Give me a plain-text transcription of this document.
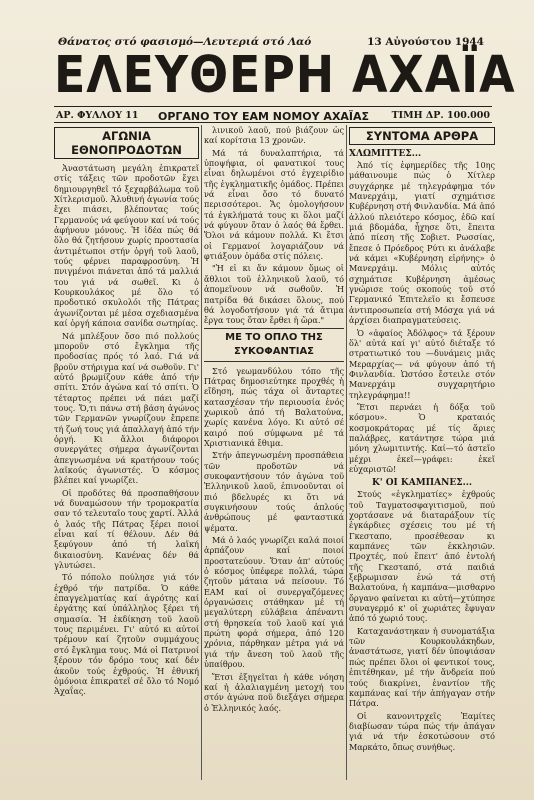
Θάνατος στό φασισμό—Λευτεριά στό Λαό	13 Αὐγούστου 1944
ΕΛΕΥΘΕΡΗ ΑΧΑΪΑ
ΑΡ. ΦΥΛΛΟΥ 11 ΟΡΓΑΝΟ ΤΟΥ ΕΑΜ ΝΟΜΟΥ ΑΧΑΪΑΣ ΤΙΜΗ ΔΡ. 100.000
ΑΓΩΝΙΑ ΕΘΝΟΠΡΟΔΟΤΩΝ

Ἀναστάτωση μεγάλη ἐπικρατεῖ στίς τάξεις τῶν προδοτῶν ἔχει δημιουργηθεῖ τό ξεχαρβάλωμα τοῦ Χίτλερισμοῦ. Ἀλυθινή ἀγωνία τούς ἔχει πιάσει, βλέποντας τούς Γερμανούς νά φεύγουν καί νά τούς ἀφήνουν μόνους. Ἡ ἰδέα πώς θά ὅλο θά ζητήσουν χωρίς προστασία ἀντιμέτωποι στήν ὀργή τοῦ λαοῦ, τούς φέρνει παραφροσύνη. Ἡ πνιγμένοι πιάνεται ἀπό τά μαλλιά του γιά νά σωθεῖ. Κι ὁ Κουρκουλάκος μέ ὅλο τό προδοτικό σκυλολόι τῆς Πάτρας ἀγωνίζονται μέ μέσα σχεδιασμένα καί ὁργή κάποια σανίδα σωτηρίας.

Νά μπλέξουν ὅσο πιό πολλούς μποροῦν στό ἔγκλημα τῆς προδοσίας πρός τό λαό. Γιά νά βροῦν στήριγμα καί νά σωθοῦν. Γι' αὐτό βρωμίζουν κάθε ἀπό τήν σπίτι. Στόν ἀγώνα καί τό σπίτι. Ὁ τέταρτος πρέπει νά πάει μαζί τους. Ὅ,τι πάνω στή βάση ἀγώνος τῶν Γερμανῶν γνωρίζουν ἔπρεπε τή ζωή τους γιά ἀπαλλαγή ἀπό τήν ὀργή. Κι ἄλλοι διάφοροι συνεργάτες σήμερα ἀγωνίζονται ἀπεγνωσμένα νά κρατήσουν τούς λαϊκούς ἀγωνιστές. Ὁ κόσμος βλέπει καί γνωρίζει.

Οἱ προδότες θά προσπαθήσουν νά δυναμώσουν τήν τρομοκρατία σαν τό τελευταῖο τους χαρτί. Ἀλλά ὁ λαός τῆς Πάτρας ξέρει ποιοί εἶναι καί τί θέλουν. Δέν θά ξεφύγουν ἀπό τή λαϊκή δικαιοσύνη. Κανένας δέν θά γλυτώσει.

Τό πόπολο πούλησε γιά τόν ἐχθρό τήν πατρίδα. Ὁ κάθε ἐπαγγελματίας καί ἀγρότης καί ἐργάτης καί ὑπάλληλος ξέρει τή σημασία. Ἡ ἐκδίκηση τοῦ λαοῦ τους περιμένει. Γι' αὐτό κι αὐτοί τρέμουν καί ζητοῦν συμμάχους στό ἔγκλημα τους. Μά οἱ Πατρινοί ξέρουν τόν δρόμο τους καί δέν ἀκοῦν τούς ἐχθρούς. Ἡ ἐθνική ὁμόνοια ἐπικρατεῖ σέ ὅλο τό Νομό Ἀχαΐας.

λινικοῦ λαοῦ, πού βιάζουν ὡς καί κορίτσια 13 χρονῶν.

Μά τά δυναλαπτήρια, τά ὑποψήφια, οἱ φανατικοί τους εἶναι δηλωμένοι στό ἐγχειρίδιο τῆς ἐγκληματικῆς ὁμάδος. Πρέπει νά εἶναι ὅσο τό δυνατό περισσότεροι. Ἄς ὁμολογήσουν τά ἐγκλήματά τους κι ὅλοι μαζί νά φύγουν ὅταν ὁ λαός θά ἔρθει. Ὅλοι νά κάμουν πολλά. Κι ἔτσι οἱ Γερμανοί λογαριάζουν νά φτιάξουν ὁμάδα στίς πόλεις.

"Ἡ εἰ κι ἄν κάμουν ὅμως οἱ ἄθλιοι τοῦ ἑλληνικοῦ λαοῦ, τό ἀπομεῖνουν νά σωθοῦν. Ἡ πατρίδα θά δικάσει ὅλους, πού θά λογοδοτήσουν γιά τά ἄτιμα ἔργα τους ὅταν ἔρθει ἡ ὥρα."

ΜΕ ΤΟ ΟΠΛΟ ΤΗΣ ΣΥΚΟΦΑΝΤΙΑΣ

Στό γεωμανδύλου τόπο τῆς Πάτρας δημοσιεύτηκε προχθές ἡ εἴδηση, πώς τάχα οἱ ἄνταρτες κατασχέσαν τήν περιουσία ἑνός χωρικοῦ ἀπό τή Βαλατούνα, χωρίς κανένα λόγο. Κι αὐτό σέ καιρό πού σύμφωνα μέ τά Χριστιανικά ἔθιμα.

Στήν ἀπεγνωσμένη προσπάθεια τῶν προδοτῶν νά συκοφαντήσουν τόν ἀγώνα τοῦ Ἑλληνικοῦ λαοῦ, ἐπινοοῦνται οἱ πιό βδελυρές κι ὅτι νά συγκινήσουν τούς ἁπλούς ἀνθρώπους μέ φανταστικά ψέματα.

Μά ὁ λαός γνωρίζει καλά ποιοί ἁρπάζουν καί ποιοί προστατεύουν. Ὅταν ἀπ' αὐτούς ὁ κόσμος ὑπέφερε πολλά, τώρα ζητοῦν μάταια νά πείσουν. Τό ΕΑΜ καί οἱ συνεργαζόμενες ὀργανώσεις στάθηκαν μέ τή μεγαλύτερη εὐλάβεια ἀπέναντι στή θρησκεία τοῦ λαοῦ καί γιά πρώτη φορά σήμερα, ἀπό 120 χρόνια, πάρθηκαν μέτρα γιά νά γιά τήν ἄνεση τοῦ λαοῦ τῆς ὑπαίθρου.

Ἔτσι ἐξηγεῖται ἡ κάθε νόηση καί ἡ ἀλαλιαγμένη μετοχή του στόν ἀγώνα ποῦ διεξάγει σήμερα ὁ Ἑλληνικός λαός.

ΣΥΝΤΟΜΑ ΑΡΘΡΑ
ΧΛΩΜΙΤΤΕΣ...

Ἀπό τίς ἐφημερίδες τῆς 10ης μάθαινουμε πώς ὁ Χίτλερ συγχάρηκε μέ τηλεγράφημα τόν Μανερχάιμ, γιατί σχημάτισε Κυβέρνηση στή Φινλανδία. Μά ἀπό ἀλλού πλειότερο κόσμος, ἐδῶ καί μιά βδομάδα, ἦχησε ὅτι, ἔπειτα ἀπό πίεση τῆς Σοβιετ. Ρωσσίας, ἔπεσε ὁ Πρόεδρος Ρύτι κι ἀνάλαβε νά κάμει «Κυβέρνηση εἰρήνης» ὁ Μανερχάιμ. Μόλις αὐτός σχημάτισε Κυβέρνηση ἀμέσως γνώρισε τούς σκοπούς τοῦ στό Γερμανικό Ἐπιτελεῖο κι ἔσπευσε ἀντιπροσωπεία στή Μόσχα γιά νά ἀρχίσει διαπραγματεύσεις.

Ὁ «ἀφαίος Ἀδόλφος» τά ξέρουν ὅλ' αὐτά καί γι' αὐτό διέταξε τό στρατιωτικό του —δυνάμεις μιᾶς Μεραρχίας— νά φύγουν ἀπό τή Φινλανδία. Ὡστόσο ἔστειλε στόν Μανερχάιμ συγχαρητήριο τηλεγράφημα!!

Ἔτσι περνάει ἡ δόξα τοῦ κόσμου». Ὁ κραταιός κοσμοκράτορας μέ τίς ἄριες παλάβρες, κατάντησε τώρα μιά μόνη χλωμιτιντής. Καί—τό ἀστεῖο μέχρι ἐκεῖ—γράφει: ἐκεῖ εὐχαριστῶ!

Κ' ΟΙ ΚΑΜΠΑΝΕΣ...

Στούς «ἐγκληματίες» ἐχθρούς τοῦ Ταγματοσφαγιτισμοῦ, πού χορτάσανε νά διαταράξουν τίς ἐγκάρδιες σχέσεις του μέ τή Γκεσταπο, προσέθεσαν κι καμπάνες τῶν ἐκκλησιῶν. Προχτές, πού ἔπειτ' ἀπό ἐντολή τῆς Γκεσταπό, στά παιδιά ξεβρωμισαν ἐνώ τά στή Βαλατούνα, ἡ καμπάνα—μισθαρνο ὄργανο φαίνεται κι αὐτή—χτύπησε συναγερμό κ' οἱ χωριάτες ἔφυγαν ἀπό τό χωριό τους.

Καταχανάστηκαν ἡ συνοματάξια τῶν Κουρκουλάκηδων, ἀναστάτωσε, γιατί δέν ὑποψιάσαν πώς πρέπει ὅλοι οἱ φεντικοί τους, ἐπιτέθηκαν, μέ τήν ἄνδρεία πού τούς διακρίνει, ἐναντίον τῆς καμπάνας καί τήν ἀπήγαγαν στήν Πάτρα.

Οἱ κανονιτρχεῖς Ἐαμίτες διαβίωσαν τώρα πώς τήν ἀπάγαν γιά νά τήν ἐσκοτώσουν στό Μαρκάτο, ὅπως συνήθως.
